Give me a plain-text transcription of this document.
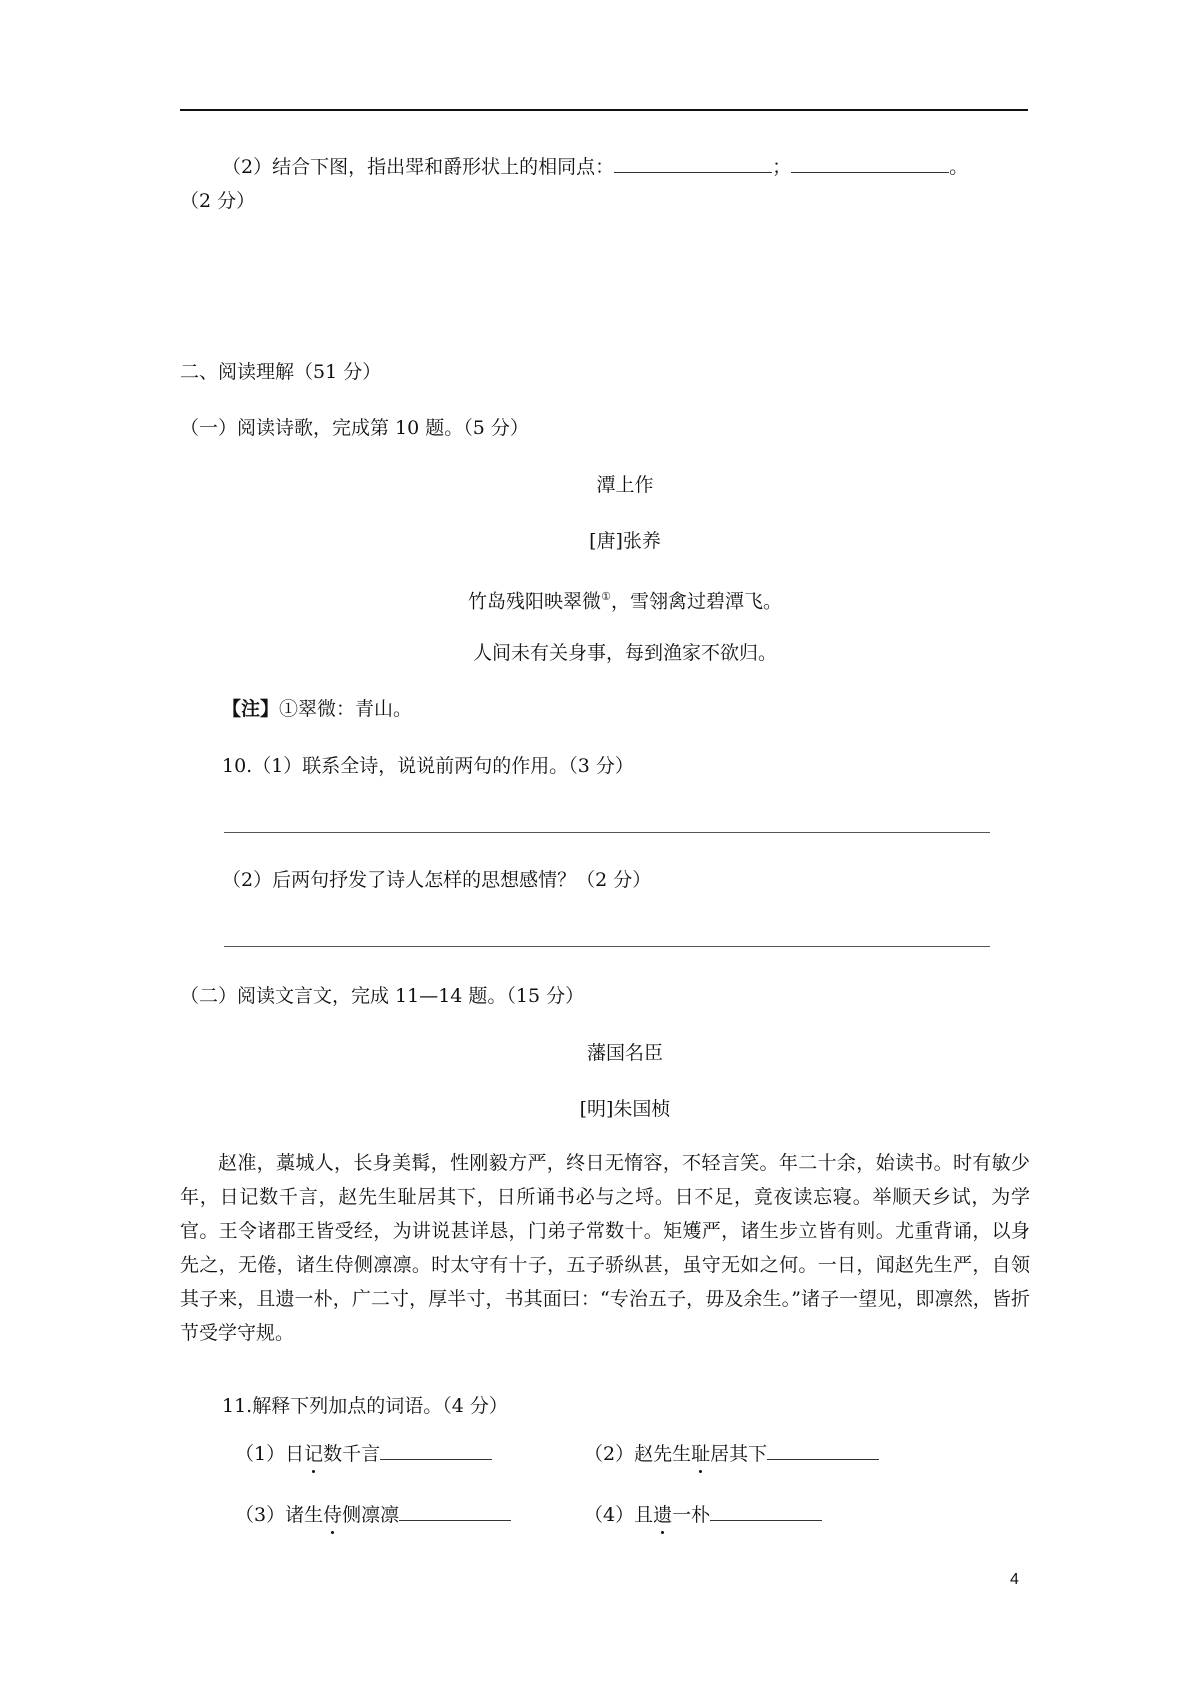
（2）结合下图，指出斝和爵形状上的相同点：	；	。
（2 分）
二、阅读理解（51 分）
（一）阅读诗歌，完成第 10 题。（5 分）
潭上作
[唐]张养
竹岛残阳映翠微①，雪翎禽过碧潭飞。
人间未有关身事，每到渔家不欲归。
【注】①翠微：青山。
10.（1）联系全诗，说说前两句的作用。（3 分）
（2）后两句抒发了诗人怎样的思想感情？（2 分）
（二）阅读文言文，完成 11—14 题。（15 分）
藩国名臣
[明]朱国桢

赵准，藁城人，长身美髯，性刚毅方严，终日无惰容，不轻言笑。年二十余，始读书。时有敏少年，日记数千言，赵先生耻居其下，日所诵书必与之埒。日不足，竟夜读忘寝。举顺天乡试，为学官。王令诸郡王皆受经，为讲说甚详恳，门弟子常数十。矩矱严，诸生步立皆有则。尤重背诵，以身先之，无倦，诸生侍侧凛凛。时太守有十子，五子骄纵甚，虽守无如之何。一日，闻赵先生严，自领其子来，且遗一朴，广二寸，厚半寸，书其面曰：“专治五子，毋及余生。”诸子一望见，即凛然，皆折节受学守规。

11.解释下列加点的词语。（4 分）
（1）日记数千言	（2）赵先生耻居其下
（3）诸生侍侧凛凛	（4）且遗一朴
4
